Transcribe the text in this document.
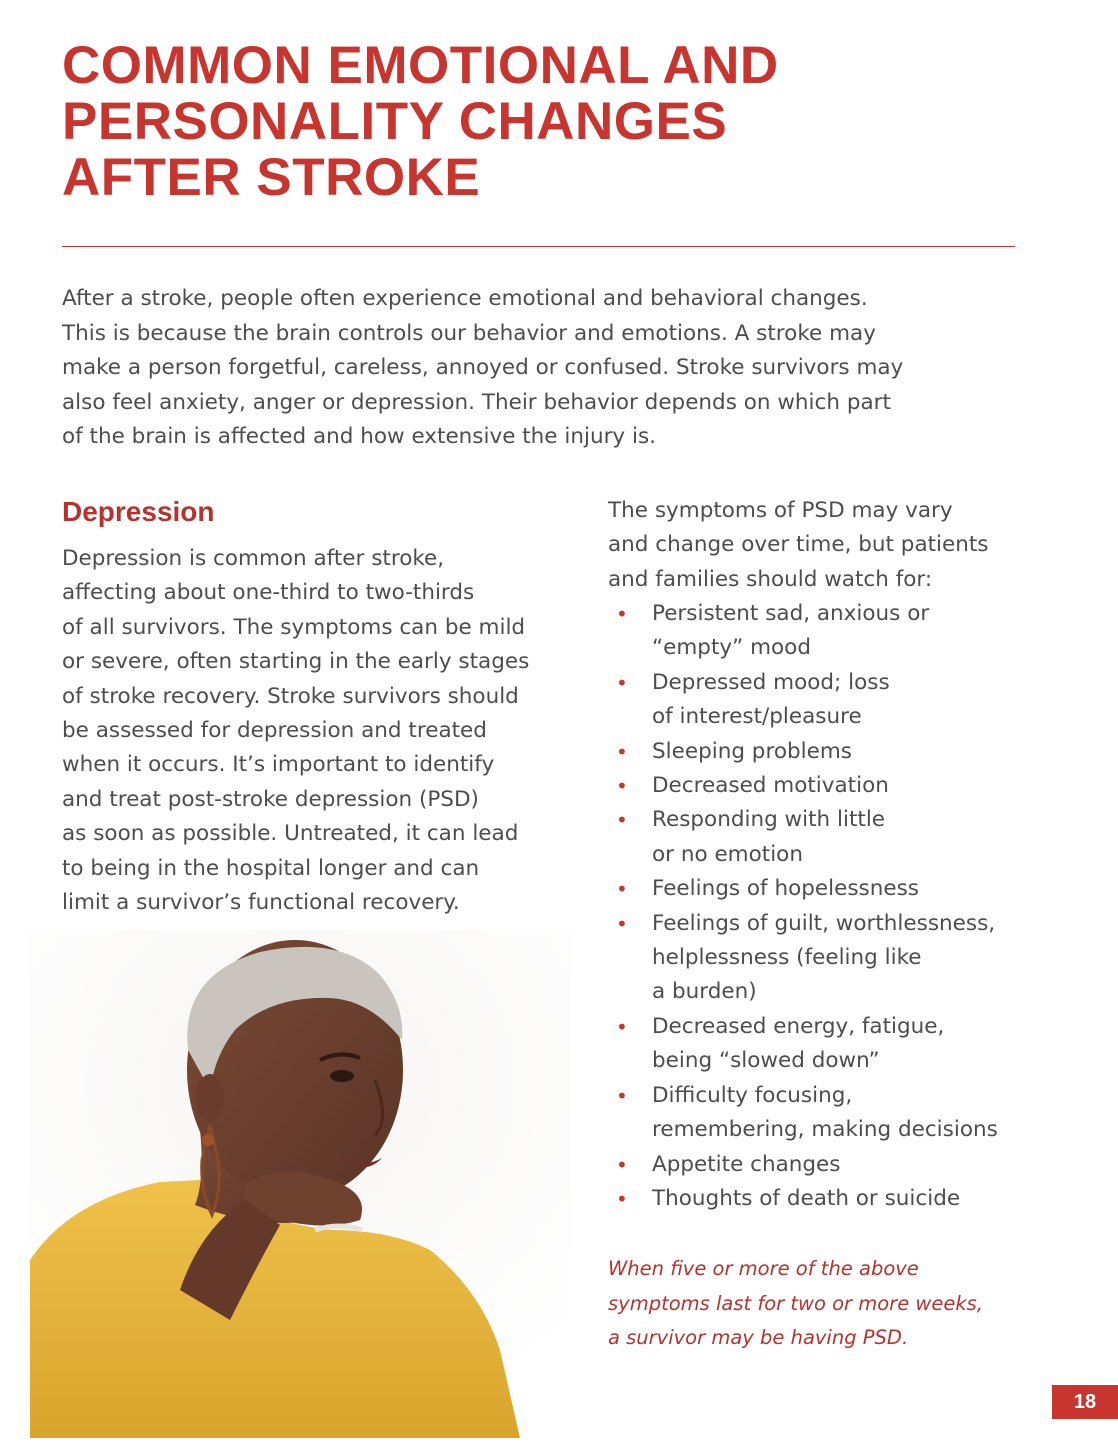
COMMON EMOTIONAL AND
PERSONALITY CHANGES
AFTER STROKE

After a stroke, people often experience emotional and behavioral changes.
This is because the brain controls our behavior and emotions. A stroke may
make a person forgetful, careless, annoyed or confused. Stroke survivors may
also feel anxiety, anger or depression. Their behavior depends on which part
of the brain is affected and how extensive the injury is.

Depression

Depression is common after stroke,
affecting about one-third to two-thirds
of all survivors. The symptoms can be mild
or severe, often starting in the early stages
of stroke recovery. Stroke survivors should
be assessed for depression and treated
when it occurs. It’s important to identify
and treat post-stroke depression (PSD)
as soon as possible. Untreated, it can lead
to being in the hospital longer and can
limit a survivor’s functional recovery.

The symptoms of PSD may vary
and change over time, but patients
and families should watch for:

• Persistent sad, anxious or
“empty” mood
• Depressed mood; loss
of interest/pleasure
• Sleeping problems
• Decreased motivation
• Responding with little
or no emotion
• Feelings of hopelessness
• Feelings of guilt, worthlessness,
helplessness (feeling like
a burden)
• Decreased energy, fatigue,
being “slowed down”
• Difficulty focusing,
remembering, making decisions
• Appetite changes
• Thoughts of death or suicide

When five or more of the above
symptoms last for two or more weeks,
a survivor may be having PSD.

18
